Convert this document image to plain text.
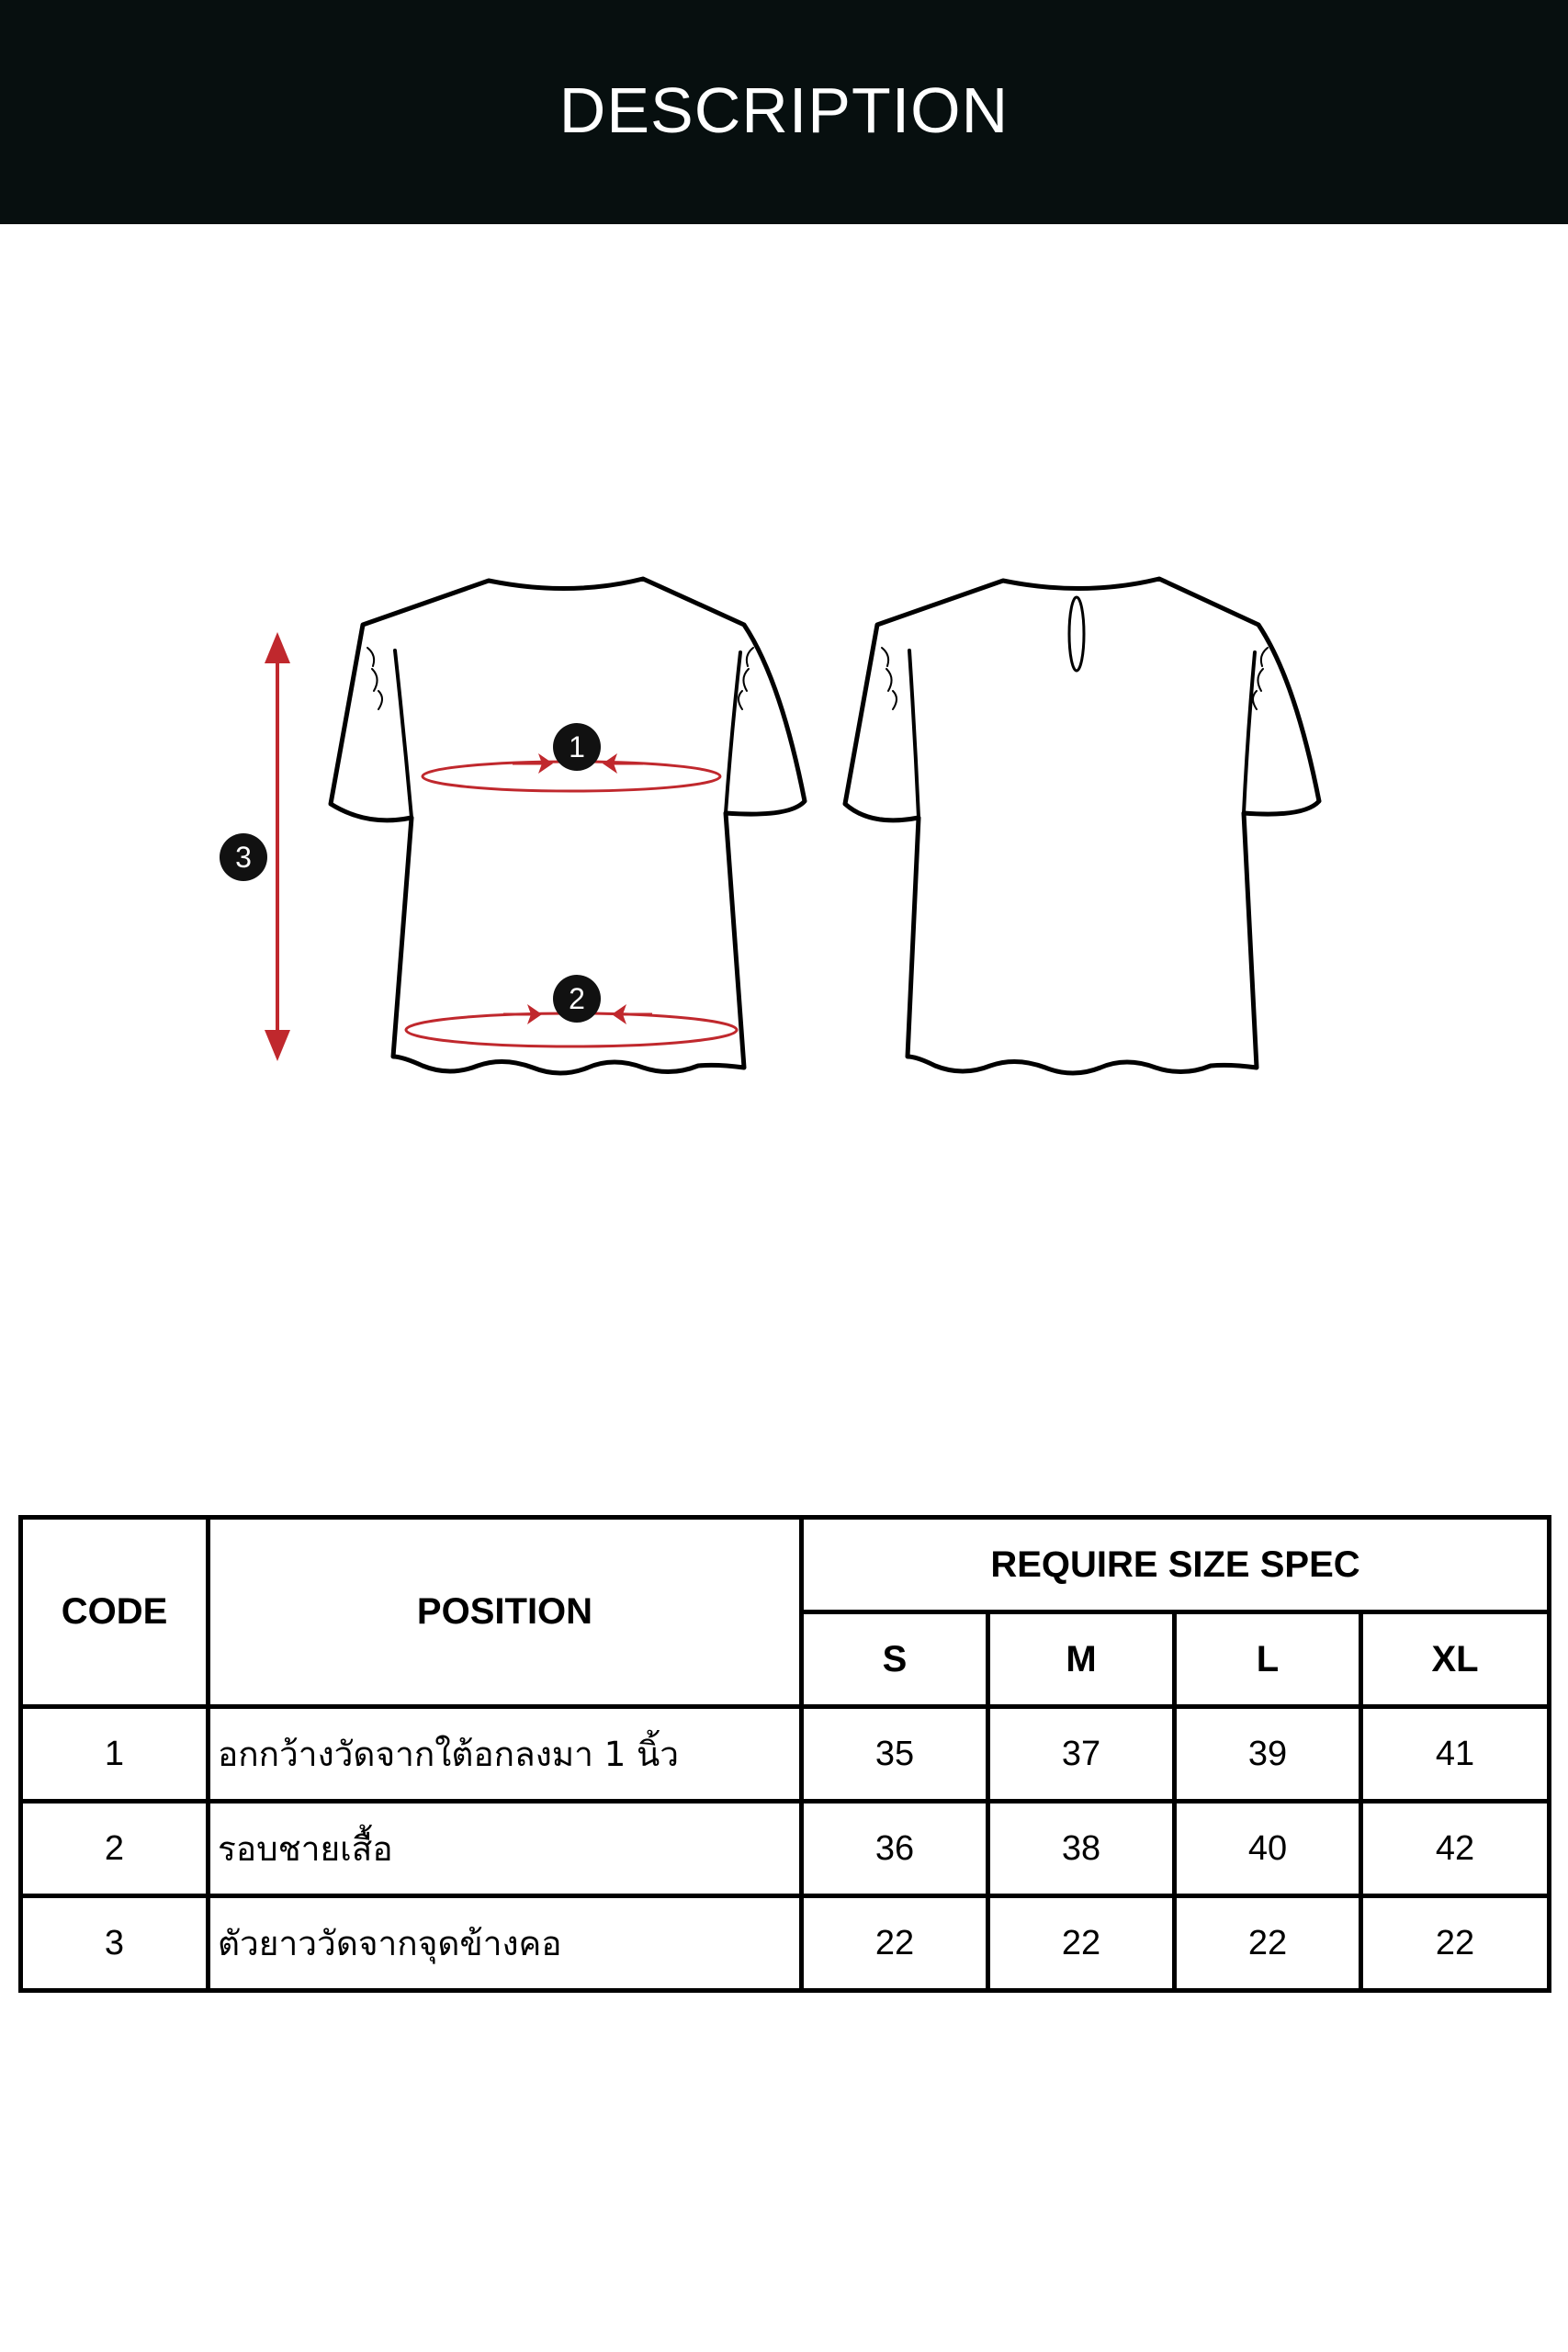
DESCRIPTION
1
2
3
CODE	POSITION	REQUIRE SIZE SPEC			
		S	M	L	XL
1	อกกว้างวัดจากใต้อกลงมา 1 นิ้ว	35	37	39	41
2	รอบชายเสื้อ	36	38	40	42
3	ตัวยาววัดจากจุดข้างคอ	22	22	22	22
